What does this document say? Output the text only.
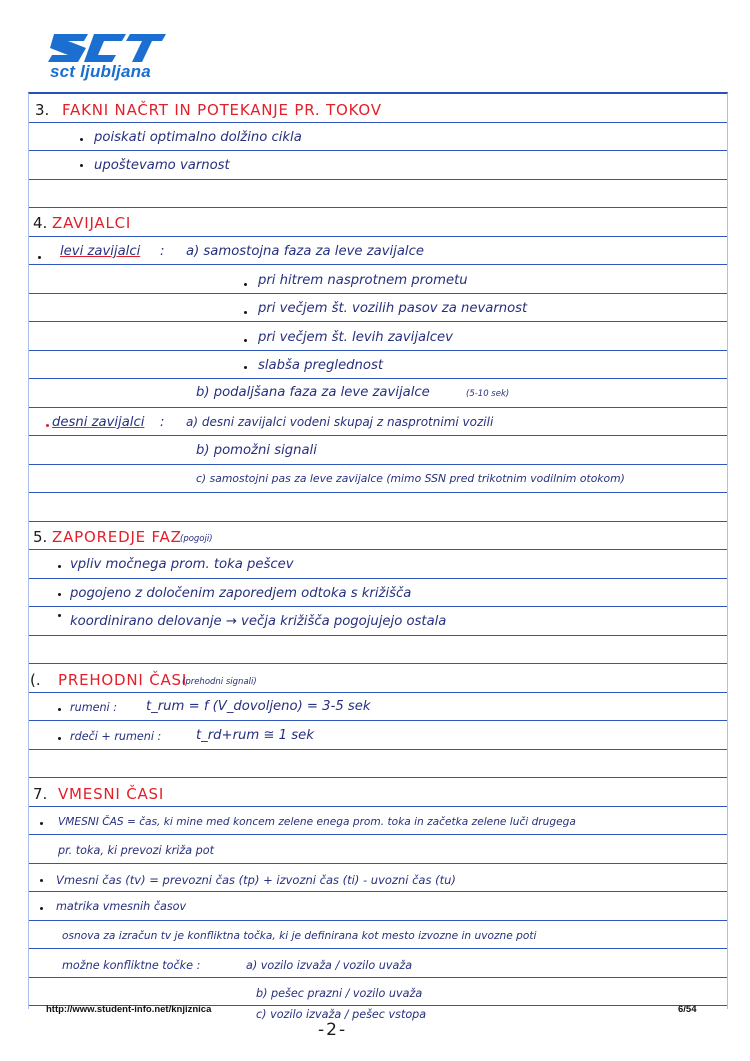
sct ljubljana
3. FAKNI NAČRT IN POTEKANJE PR. TOKOV
poiskati optimalno dolžino cikla
upoštevamo varnost
4. ZAVIJALCI
levi zavijalci : a) samostojna faza za leve zavijalce
pri hitrem nasprotnem prometu
pri večjem št. vozilih pasov za nevarnost
pri večjem št. levih zavijalcev
slabša preglednost
b) podaljšana faza za leve zavijalce	(5-10 sek)
desni zavijalci : a) desni zavijalci vodeni skupaj z nasprotnimi vozili
b) pomožni signali
c) samostojni pas za leve zavijalce (mimo SSN pred trikotnim vodilnim otokom)
5. ZAPOREDJE FAZ
(pogoji)
vpliv močnega prom. toka pešcev
pogojeno z določenim zaporedjem odtoka s križišča
koordinirano delovanje → večja križišča pogojujejo ostala
(. PREHODNI ČASI
(prehodni signali)
rumeni : t_rum = f (V_dovoljeno) = 3-5 sek
rdeči + rumeni :	t_rd+rum ≅ 1 sek
7. VMESNI ČASI
VMESNI ČAS = čas, ki mine med koncem zelene enega prom. toka in začetka zelene luči drugega
pr. toka, ki prevozi križa pot
Vmesni čas (tv) = prevozni čas (tp) + izvozni čas (ti) - uvozni čas (tu)
matrika vmesnih časov
osnova za izračun tv je konfliktna točka, ki je definirana kot mesto izvozne in uvozne poti
možne konfliktne točke :	a) vozilo izvaža / vozilo uvaža
b) pešec prazni / vozilo uvaža
c) vozilo izvaža / pešec vstopa
http://www.student-info.net/knjiznica	6/54
-2-
